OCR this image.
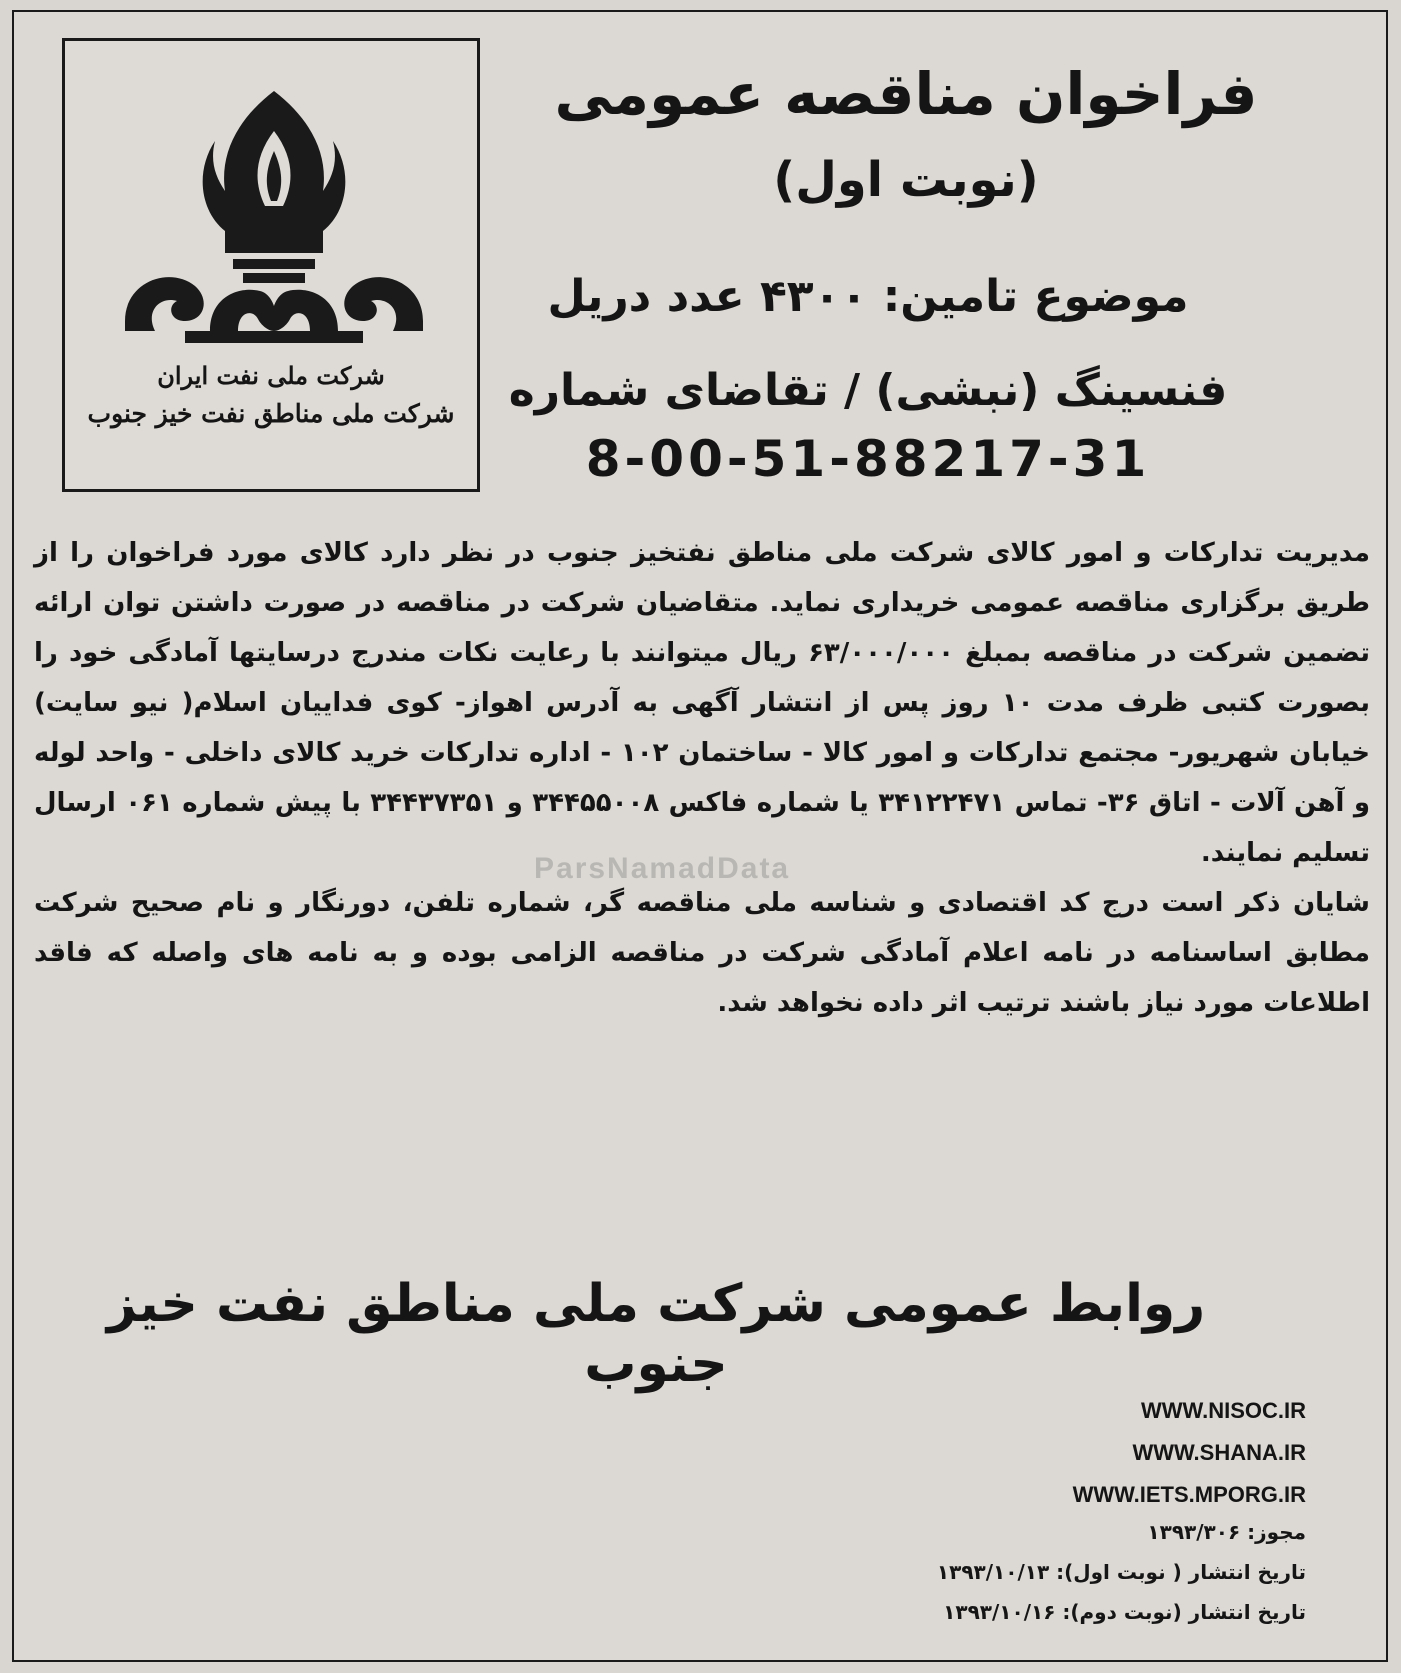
شرکت ملی نفت ایران
شرکت ملی مناطق نفت خیز جنوب
فراخوان مناقصه عمومی
(نوبت اول)
موضوع تامین: ۴۳۰۰ عدد دریل
فنسینگ (نبشی) / تقاضای شماره
8-00-51-88217-31
ParsNamadData

مدیریت تدارکات و امور کالای شرکت ملی مناطق نفتخیز جنوب در نظر دارد کالای مورد فراخوان را از طریق برگزاری مناقصه عمومی خریداری نماید. متقاضیان شرکت در مناقصه در صورت داشتن توان ارائه تضمین شرکت در مناقصه بمبلغ ۶۳/۰۰۰/۰۰۰ ریال میتوانند با رعایت نکات مندرج درسایتها آمادگی خود را بصورت کتبی ظرف مدت ۱۰ روز پس از انتشار آگهی به آدرس اهواز- کوی فداییان اسلام( نیو سایت) خیابان شهریور- مجتمع تدارکات و امور کالا - ساختمان ۱۰۲ - اداره تدارکات خرید کالای داخلی - واحد لوله و آهن آلات - اتاق ۳۶- تماس ۳۴۱۲۲۴۷۱ یا شماره فاکس ۳۴۴۵۵۰۰۸ و ۳۴۴۳۷۳۵۱ با پیش شماره ۰۶۱ ارسال تسلیم نمایند.

شایان ذکر است درج کد اقتصادی و شناسه ملی مناقصه گر، شماره تلفن، دورنگار و نام صحیح شرکت مطابق اساسنامه در نامه اعلام آمادگی شرکت در مناقصه الزامی بوده و به نامه های واصله که فاقد اطلاعات مورد نیاز باشند ترتیب اثر داده نخواهد شد.

روابط عمومی شرکت ملی مناطق نفت خیز جنوب
WWW.NISOC.IR
WWW.SHANA.IR
WWW.IETS.MPORG.IR
مجوز: ۱۳۹۳/۳۰۶
تاریخ انتشار ( نوبت اول): ۱۳۹۳/۱۰/۱۳
تاریخ انتشار (نوبت دوم): ۱۳۹۳/۱۰/۱۶
